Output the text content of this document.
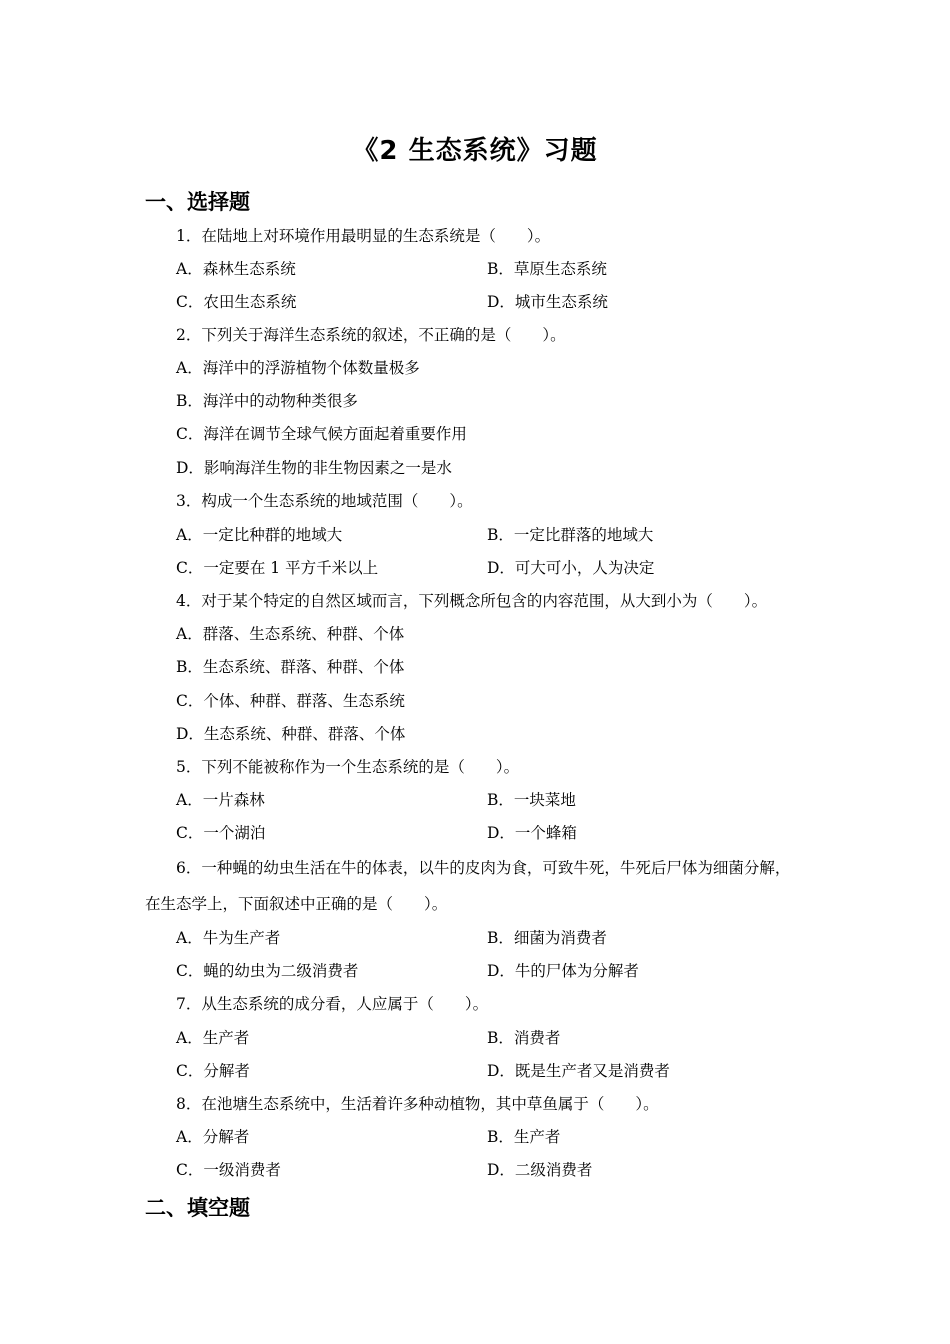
《2 生态系统》习题
一、选择题
1．在陆地上对环境作用最明显的生态系统是（　　）。
A．森林生态系统	B．草原生态系统
C．农田生态系统	D．城市生态系统
2．下列关于海洋生态系统的叙述，不正确的是（　　）。
A．海洋中的浮游植物个体数量极多
B．海洋中的动物种类很多
C．海洋在调节全球气候方面起着重要作用
D．影响海洋生物的非生物因素之一是水
3．构成一个生态系统的地域范围（　　）。
A．一定比种群的地域大	B．一定比群落的地域大
C．一定要在 1 平方千米以上	D．可大可小，人为决定
4．对于某个特定的自然区域而言，下列概念所包含的内容范围，从大到小为（　　）。
A．群落、生态系统、种群、个体
B．生态系统、群落、种群、个体
C．个体、种群、群落、生态系统
D．生态系统、种群、群落、个体
5．下列不能被称作为一个生态系统的是（　　）。
A．一片森林	B．一块菜地
C．一个湖泊	D．一个蜂箱
6．一种蝇的幼虫生活在牛的体表，以牛的皮肉为食，可致牛死，牛死后尸体为细菌分解，
在生态学上，下面叙述中正确的是（　　）。
A．牛为生产者	B．细菌为消费者
C．蝇的幼虫为二级消费者	D．牛的尸体为分解者
7．从生态系统的成分看，人应属于（　　）。
A．生产者	B．消费者
C．分解者	D．既是生产者又是消费者
8．在池塘生态系统中，生活着许多种动植物，其中草鱼属于（　　）。
A．分解者	B．生产者
C．一级消费者	D．二级消费者
二、填空题
